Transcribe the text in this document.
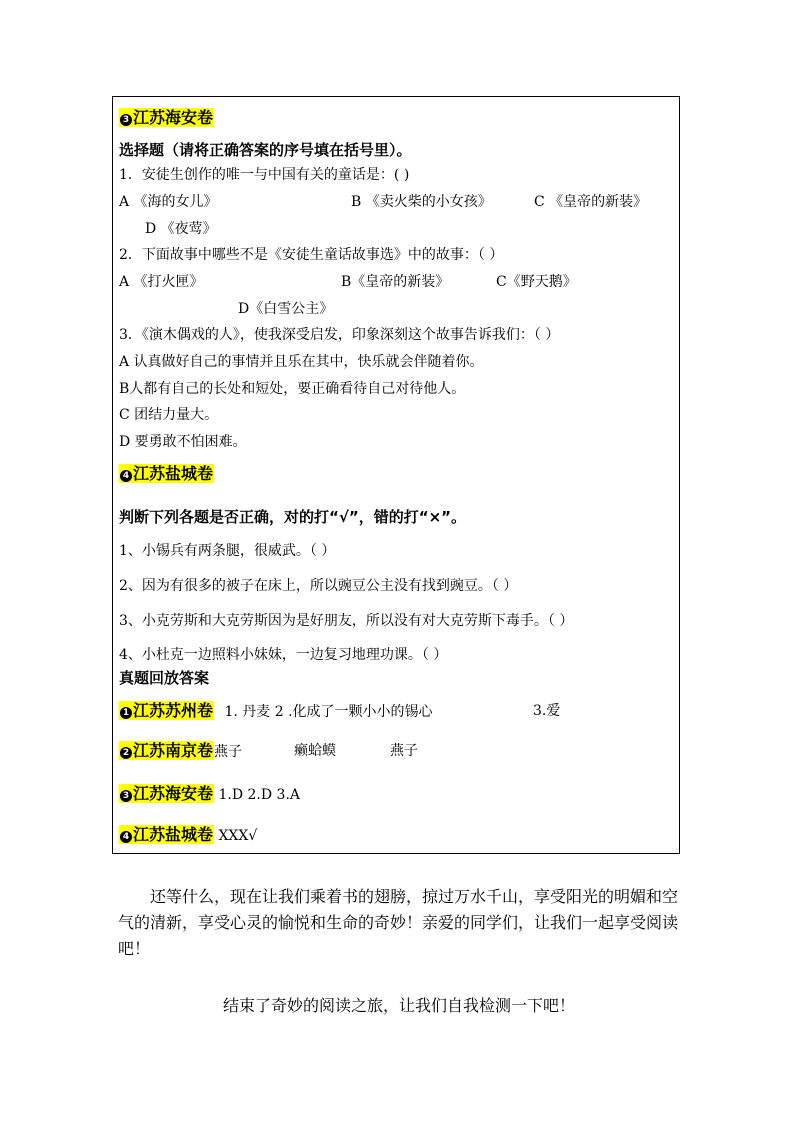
3 江苏海安卷
选择题（请将正确答案的序号填在括号里）。
1．安徒生创作的唯一与中国有关的童话是：( )
A 《海的女儿》	B 《卖火柴的小女孩》	C 《皇帝的新装》
D 《夜莺》
2．下面故事中哪些不是《安徒生童话故事选》中的故事：（ ）
A 《打火匣》	B《皇帝的新装》	C《野天鹅》
D《白雪公主》
3．《演木偶戏的人》，使我深受启发，印象深刻这个故事告诉我们：（ ）
A 认真做好自己的事情并且乐在其中，快乐就会伴随着你。
B人都有自己的长处和短处，要正确看待自己对待他人。
C 团结力量大。
D 要勇敢不怕困难。
4 江苏盐城卷
判断下列各题是否正确，对的打“√”，错的打“×”。
1、小锡兵有两条腿，很威武。（ ）
2、因为有很多的被子在床上，所以豌豆公主没有找到豌豆。（ ）
3、小克劳斯和大克劳斯因为是好朋友，所以没有对大克劳斯下毒手。（ ）
4、小杜克一边照料小妹妹，一边复习地理功课。（ ）
真题回放答案
1 江苏苏州卷 1. 丹麦 2 .化成了一颗小小的锡心	3.爱
2 江苏南京卷燕子	癞蛤蟆	燕子
3 江苏海安卷 1.D 2.D 3.A
4 江苏盐城卷 XXX√
还等什么，现在让我们乘着书的翅膀，掠过万水千山，享受阳光的明媚和空气的清新，享受心灵的愉悦和生命的奇妙！亲爱的同学们，让我们一起享受阅读吧！
结束了奇妙的阅读之旅，让我们自我检测一下吧！
